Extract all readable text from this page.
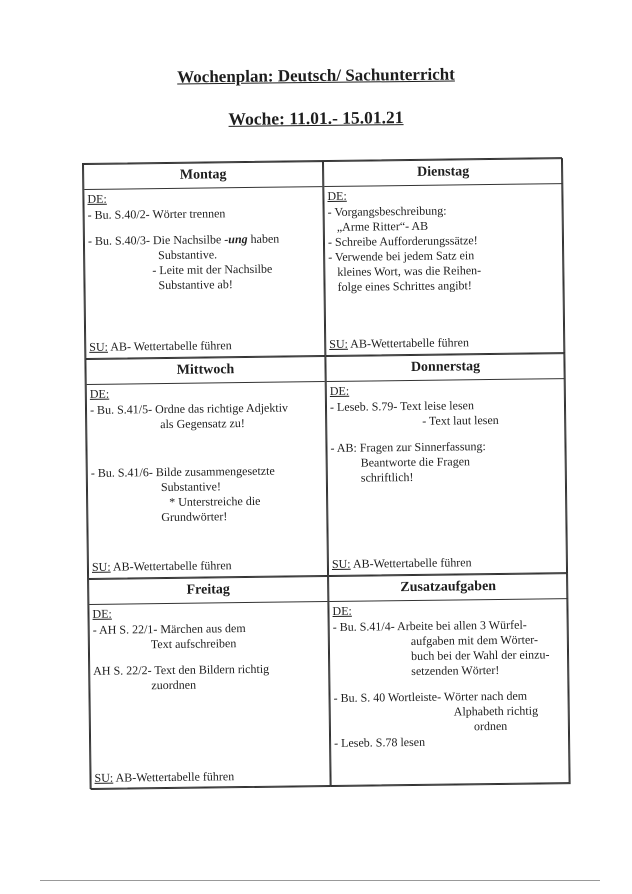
Wochenplan: Deutsch/ Sachunterricht
Woche: 11.01.- 15.01.21
Montag
DE:
- Bu. S.40/2- Wörter trennen
- Bu. S.40/3- Die Nachsilbe -ung haben
Substantive.
- Leite mit der Nachsilbe
Substantive ab!
SU: AB- Wettertabelle führen
Dienstag
DE:
- Vorgangsbeschreibung:
„Arme Ritter“- AB
- Schreibe Aufforderungssätze!
- Verwende bei jedem Satz ein
kleines Wort, was die Reihen-
folge eines Schrittes angibt!
SU: AB-Wettertabelle führen
Mittwoch
DE:
- Bu. S.41/5- Ordne das richtige Adjektiv
als Gegensatz zu!
- Bu. S.41/6- Bilde zusammengesetzte
Substantive!
* Unterstreiche die
Grundwörter!
SU: AB-Wettertabelle führen
Donnerstag
DE:
- Leseb. S.79- Text leise lesen
- Text laut lesen
- AB: Fragen zur Sinnerfassung:
Beantworte die Fragen
schriftlich!
SU: AB-Wettertabelle führen
Freitag
DE:
- AH S. 22/1- Märchen aus dem
Text aufschreiben
AH S. 22/2- Text den Bildern richtig
zuordnen
SU: AB-Wettertabelle führen
Zusatzaufgaben
DE:
- Bu. S.41/4- Arbeite bei allen 3 Würfel-
aufgaben mit dem Wörter-
buch bei der Wahl der einzu-
setzenden Wörter!
- Bu. S. 40 Wortleiste- Wörter nach dem
Alphabeth richtig
ordnen
- Leseb. S.78 lesen
